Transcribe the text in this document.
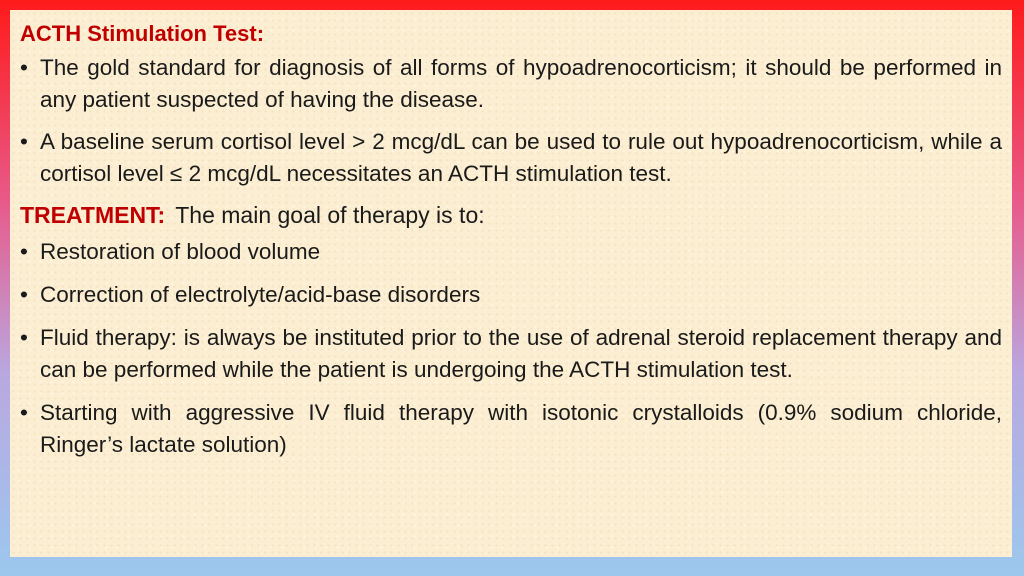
ACTH Stimulation Test:
• The gold standard for diagnosis of all forms of hypoadrenocorticism; it should be performed in any patient suspected of having the disease.
• A baseline serum cortisol level > 2 mcg/dL can be used to rule out hypoadrenocorticism, while a cortisol level ≤ 2 mcg/dL necessitates an ACTH stimulation test.
TREATMENT: The main goal of therapy is to:
• Restoration of blood volume
• Correction of electrolyte/acid-base disorders
• Fluid therapy: is always be instituted prior to the use of adrenal steroid replacement therapy and can be performed while the patient is undergoing the ACTH stimulation test.
• Starting with aggressive IV fluid therapy with isotonic crystalloids (0.9% sodium chloride, Ringer’s lactate solution)
